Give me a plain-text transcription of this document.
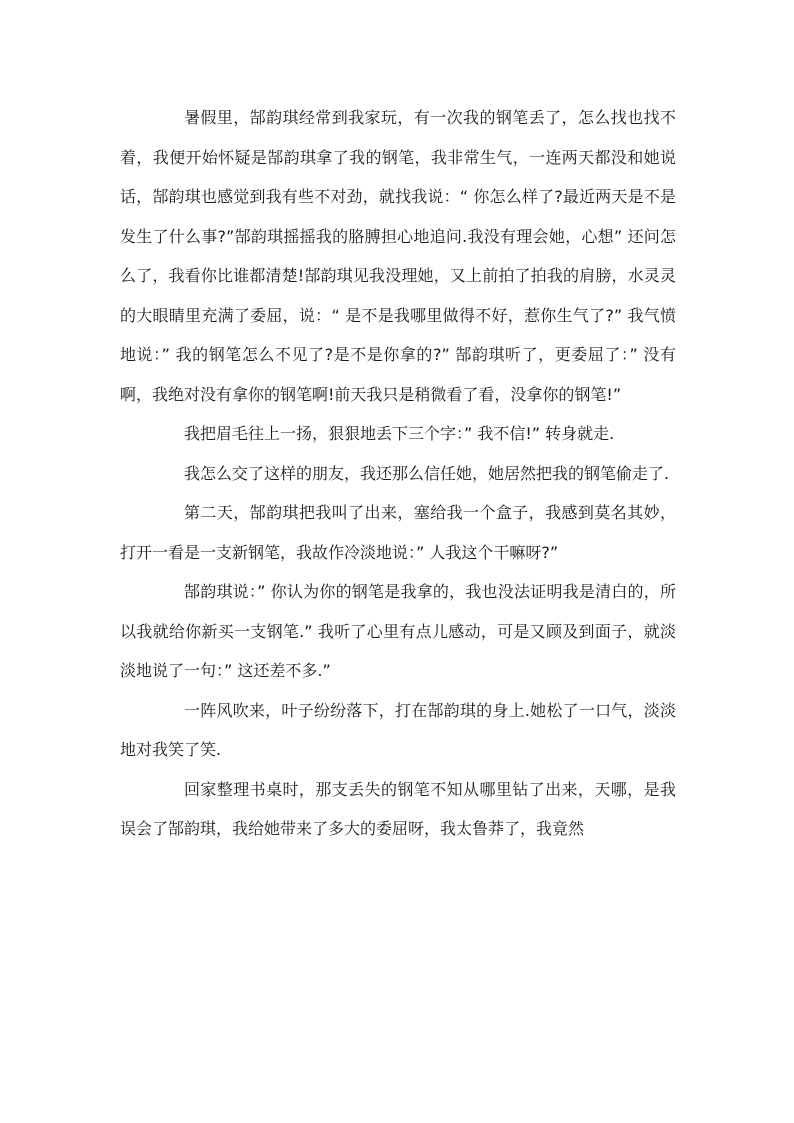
暑假里，郜韵琪经常到我家玩，有一次我的钢笔丢了，怎么找也找不着，我便开始怀疑是郜韵琪拿了我的钢笔，我非常生气，一连两天都没和她说话，郜韵琪也感觉到我有些不对劲，就找我说：“ 你怎么样了?最近两天是不是发生了什么事?”郜韵琪摇摇我的胳膊担心地追问.我没有理会她，心想” 还问怎么了，我看你比谁都清楚!郜韵琪见我没理她，又上前拍了拍我的肩膀，水灵灵的大眼睛里充满了委屈，说：“ 是不是我哪里做得不好，惹你生气了?” 我气愤地说：” 我的钢笔怎么不见了?是不是你拿的?” 郜韵琪听了，更委屈了：” 没有啊，我绝对没有拿你的钢笔啊!前天我只是稍微看了看，没拿你的钢笔!”

我把眉毛往上一扬，狠狠地丢下三个字：” 我不信!” 转身就走.

我怎么交了这样的朋友，我还那么信任她，她居然把我的钢笔偷走了.

第二天，郜韵琪把我叫了出来，塞给我一个盒子，我感到莫名其妙，打开一看是一支新钢笔，我故作冷淡地说：” 人我这个干嘛呀?”

郜韵琪说：” 你认为你的钢笔是我拿的，我也没法证明我是清白的，所以我就给你新买一支钢笔.” 我听了心里有点儿感动，可是又顾及到面子，就淡淡地说了一句：” 这还差不多.”

一阵风吹来，叶子纷纷落下，打在郜韵琪的身上.她松了一口气，淡淡地对我笑了笑.

回家整理书桌时，那支丢失的钢笔不知从哪里钻了出来，天哪，是我误会了郜韵琪，我给她带来了多大的委屈呀，我太鲁莽了，我竟然
